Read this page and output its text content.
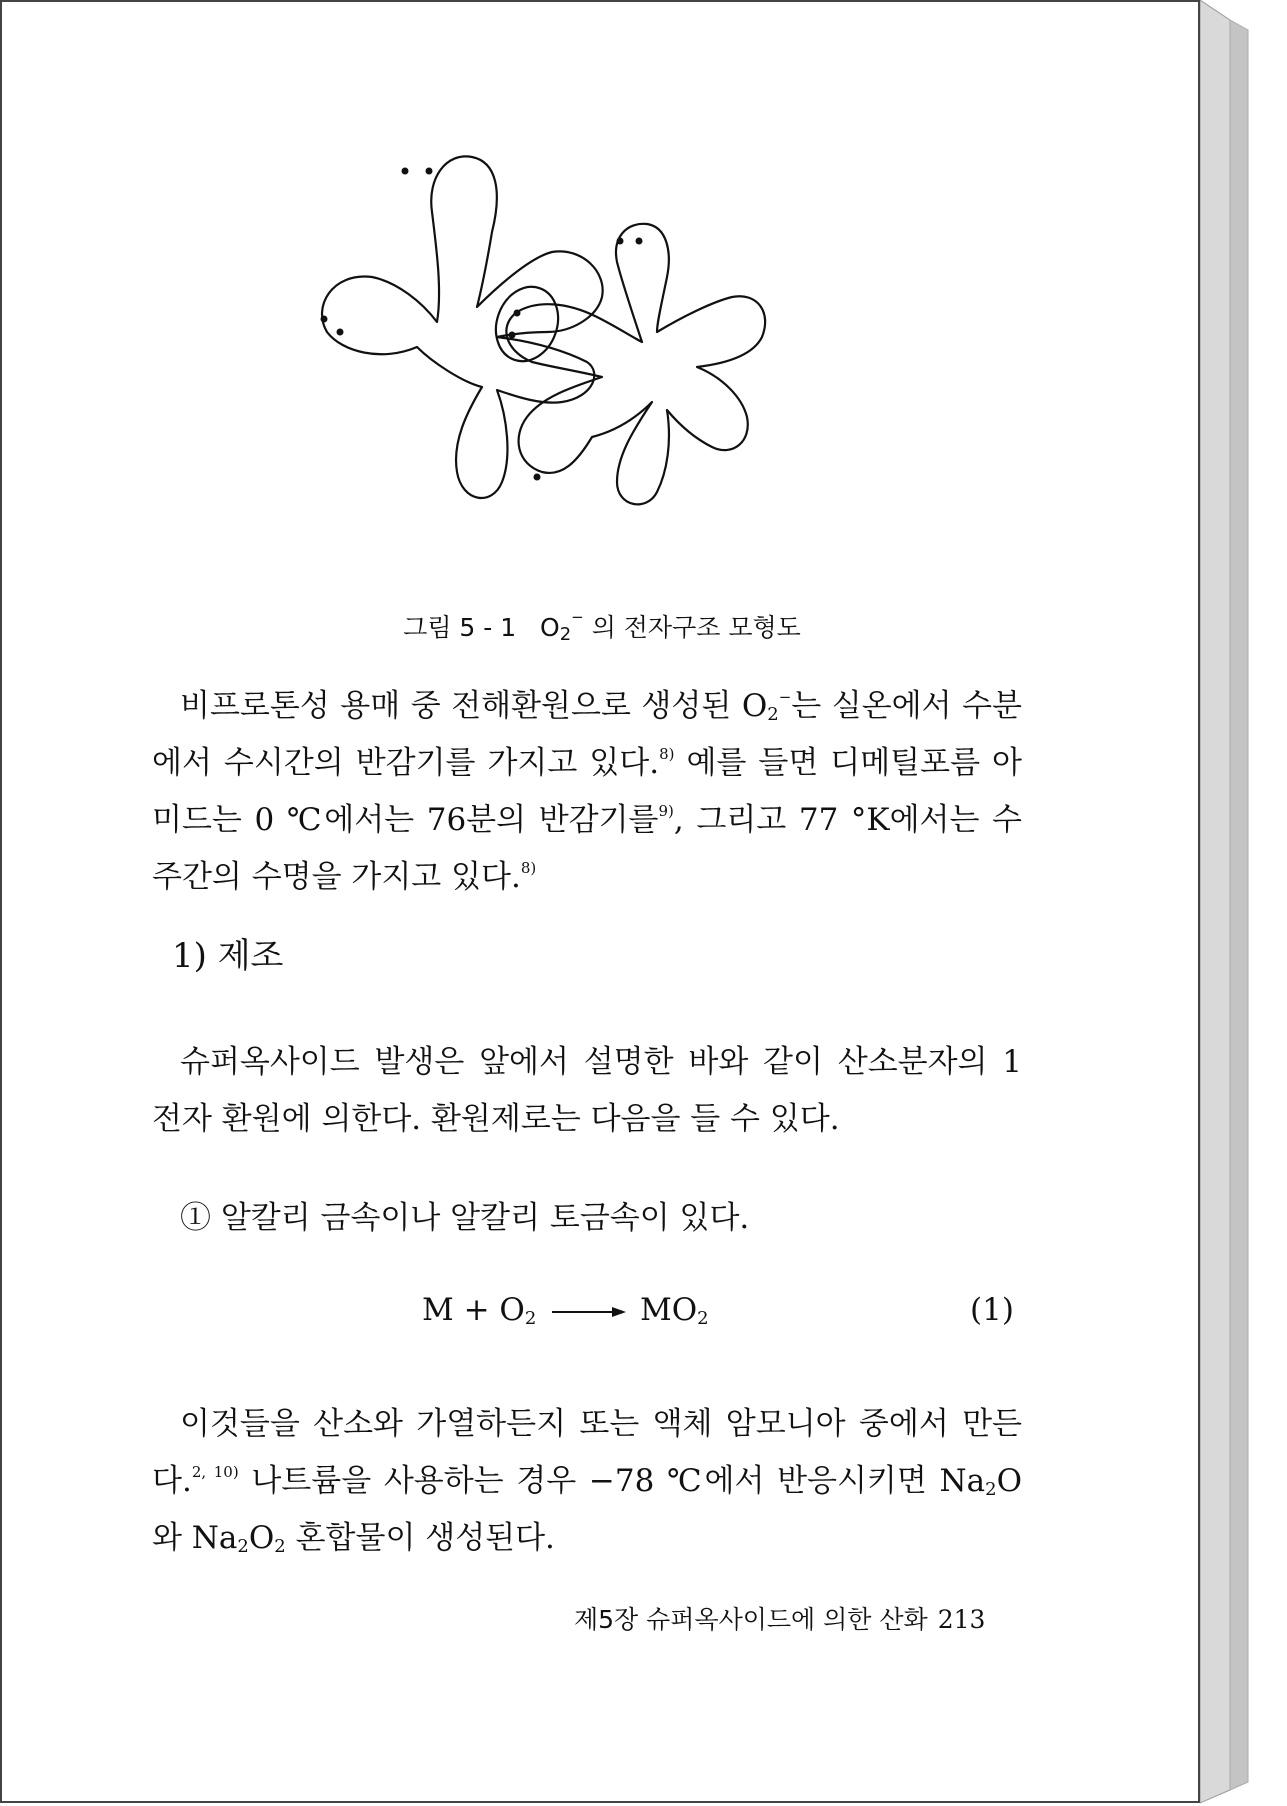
그림 5 - 1 $O_2^-$ 의 전자구조 모형도

비프로톤성 용매 중 전해환원으로 생성된 $O_2^-$는 실온에서 수분에서 수시간의 반감기를 가지고 있다.$^{8)}$ 예를 들면 디메틸포름 아미드는 0 ℃에서는 76분의 반감기를$^{9)}$, 그리고 77 °K에서는 수주간의 수명을 가지고 있다.$^{8)}$

1) 제조

슈퍼옥사이드 발생은 앞에서 설명한 바와 같이 산소분자의 1 전자 환원에 의한다. 환원제로는 다음을 들 수 있다.

① 알칼리 금속이나 알칼리 토금속이 있다.
$M + O_2 \to MO_2$	(1)

이것들을 산소와 가열하든지 또는 액체 암모니아 중에서 만든다.$^{2, 10)}$ 나트륨을 사용하는 경우 −78 ℃에서 반응시키면 $Na_2O$와 $Na_2O_2$ 혼합물이 생성된다.

제5장 슈퍼옥사이드에 의한 산화 213
